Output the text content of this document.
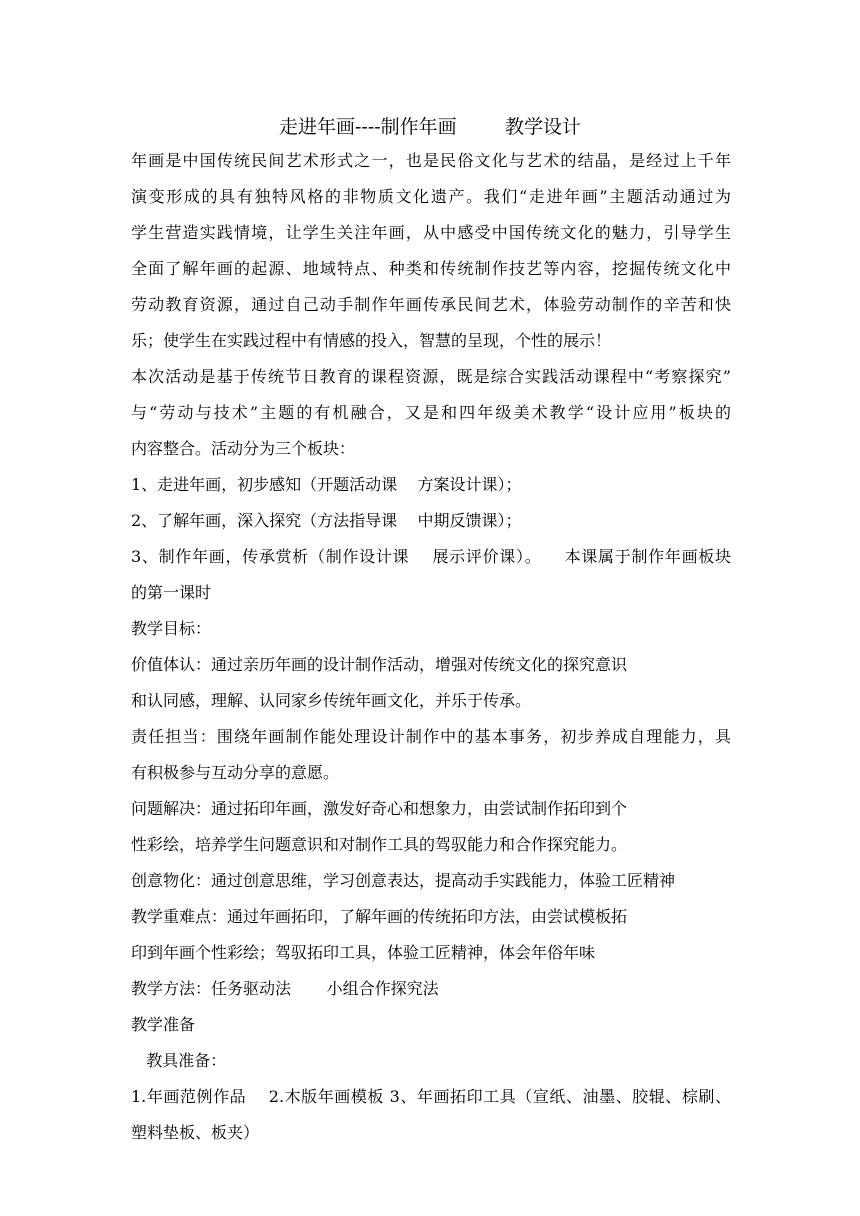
走进年画----制作年画        教学设计
年画是中国传统民间艺术形式之一，也是民俗文化与艺术的结晶，是经过上千年
演变形成的具有独特风格的非物质文化遗产。我们“走进年画”主题活动通过为
学生营造实践情境，让学生关注年画，从中感受中国传统文化的魅力，引导学生
全面了解年画的起源、地域特点、种类和传统制作技艺等内容，挖掘传统文化中
劳动教育资源，通过自己动手制作年画传承民间艺术，体验劳动制作的辛苦和快
乐；使学生在实践过程中有情感的投入，智慧的呈现，个性的展示！
本次活动是基于传统节日教育的课程资源，既是综合实践活动课程中“考察探究”
与“劳动与技术”主题的有机融合，又是和四年级美术教学“设计应用”板块的
内容整合。活动分为三个板块：
1、走进年画，初步感知（开题活动课    方案设计课）；
2、了解年画，深入探究（方法指导课    中期反馈课）；
3、制作年画，传承赏析（制作设计课    展示评价课）。    本课属于制作年画板块
的第一课时
教学目标：
价值体认：通过亲历年画的设计制作活动，增强对传统文化的探究意识
和认同感，理解、认同家乡传统年画文化，并乐于传承。
责任担当：围绕年画制作能处理设计制作中的基本事务，初步养成自理能力，具
有积极参与互动分享的意愿。
问题解决：通过拓印年画，激发好奇心和想象力，由尝试制作拓印到个
性彩绘，培养学生问题意识和对制作工具的驾驭能力和合作探究能力。
创意物化：通过创意思维，学习创意表达，提高动手实践能力，体验工匠精神
教学重难点：通过年画拓印，了解年画的传统拓印方法，由尝试模板拓
印到年画个性彩绘；驾驭拓印工具，体验工匠精神，体会年俗年味
教学方法：任务驱动法       小组合作探究法
教学准备
教具准备：
1.年画范例作品    2.木版年画模板 3、年画拓印工具（宣纸、油墨、胶辊、棕刷、
塑料垫板、板夹）
